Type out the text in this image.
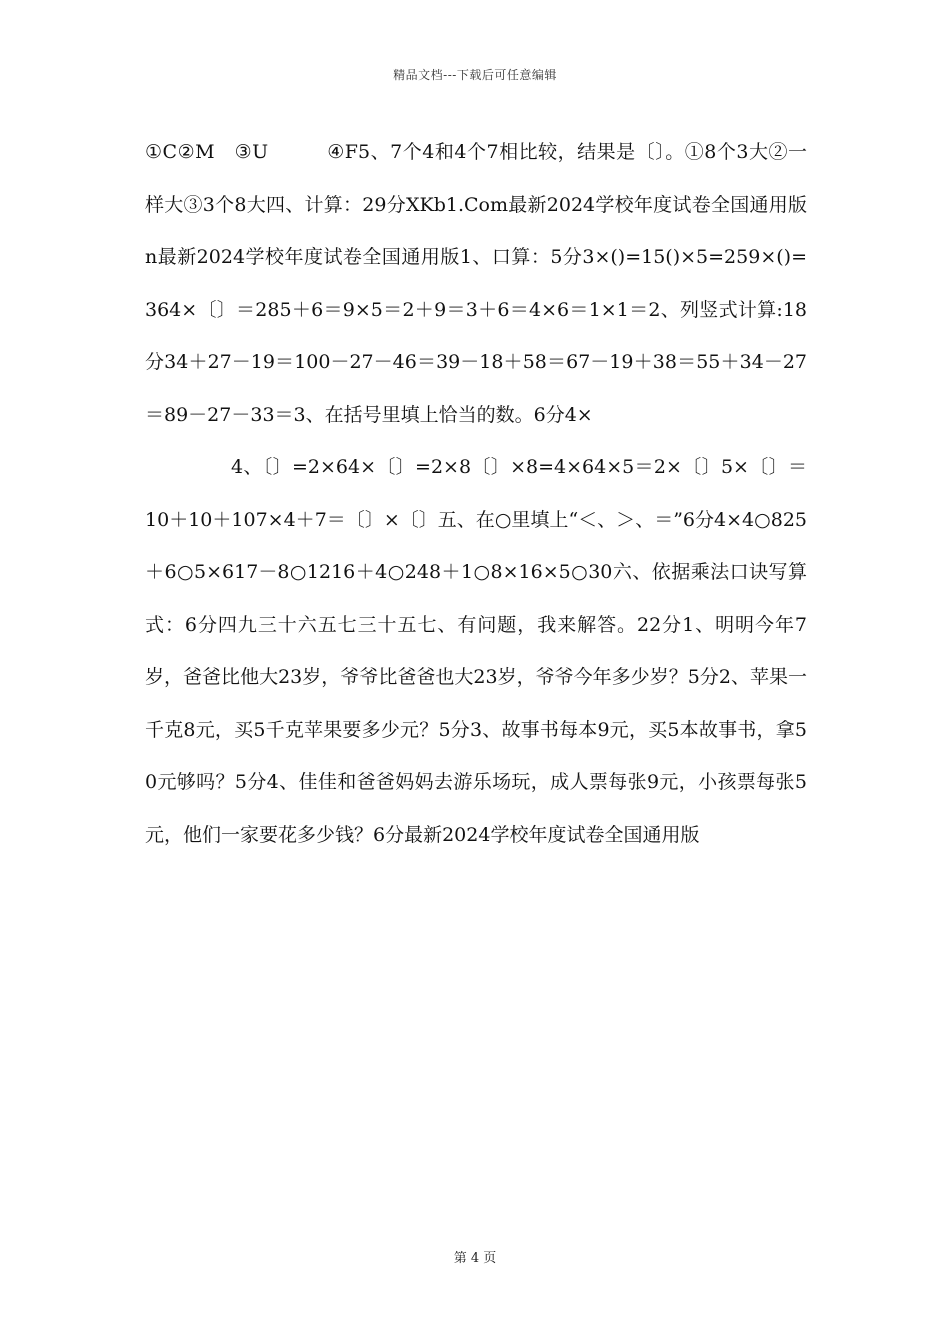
精品文档---下载后可任意编辑

①C②M　③U　　　④F5、7个4和4个7相比较，结果是〔〕。①8个3大②一样大③3个8大四、计算：29分XKb1.Com最新2024学校年度试卷全国通用版n最新2024学校年度试卷全国通用版1、口算：5分3×()=15()×5=259×()=364×〔〕＝285＋6＝9×5＝2＋9＝3＋6＝4×6＝1×1＝2、列竖式计算:18分34＋27－19＝100－27－46＝39－18＋58＝67－19＋38＝55＋34－27＝89－27－33＝3、在括号里填上恰当的数。6分4×

4、〔〕=2×64×〔〕=2×8〔〕×8=4×64×5＝2×〔〕5×〔〕＝10＋10＋107×4＋7＝〔〕×〔〕五、在○里填上“＜、＞、＝”6分4×4○825＋6○5×617－8○1216＋4○248＋1○8×16×5○30六、依据乘法口诀写算式：6分四九三十六五七三十五七、有问题，我来解答。22分1、明明今年7岁，爸爸比他大23岁，爷爷比爸爸也大23岁，爷爷今年多少岁？5分2、苹果一千克8元，买5千克苹果要多少元？5分3、故事书每本9元，买5本故事书，拿50元够吗？5分4、佳佳和爸爸妈妈去游乐场玩，成人票每张9元，小孩票每张5元，他们一家要花多少钱？6分最新2024学校年度试卷全国通用版

第 4 页
